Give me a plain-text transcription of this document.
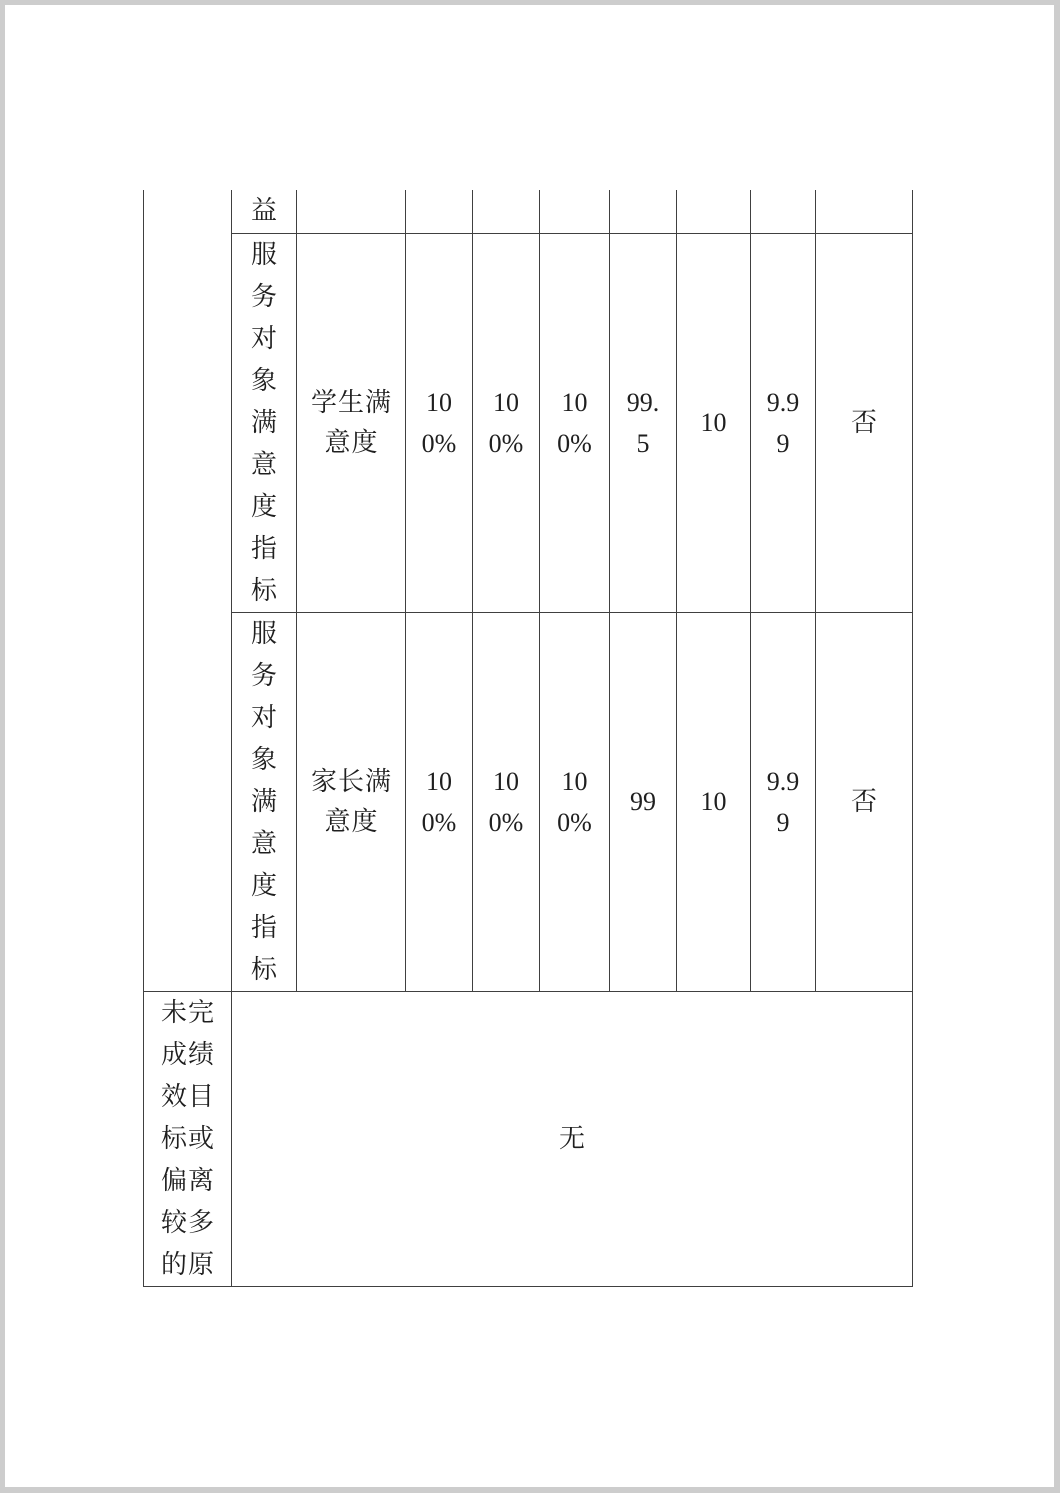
	益								

	服务对象满意度指标	学生满意度	100%	100%	100%	99.5	10	9.99	否

	服务对象满意度指标	家长满意度	100%	100%	100%	99	10	9.99	否

未完成绩效目标或偏离较多的原	无								
